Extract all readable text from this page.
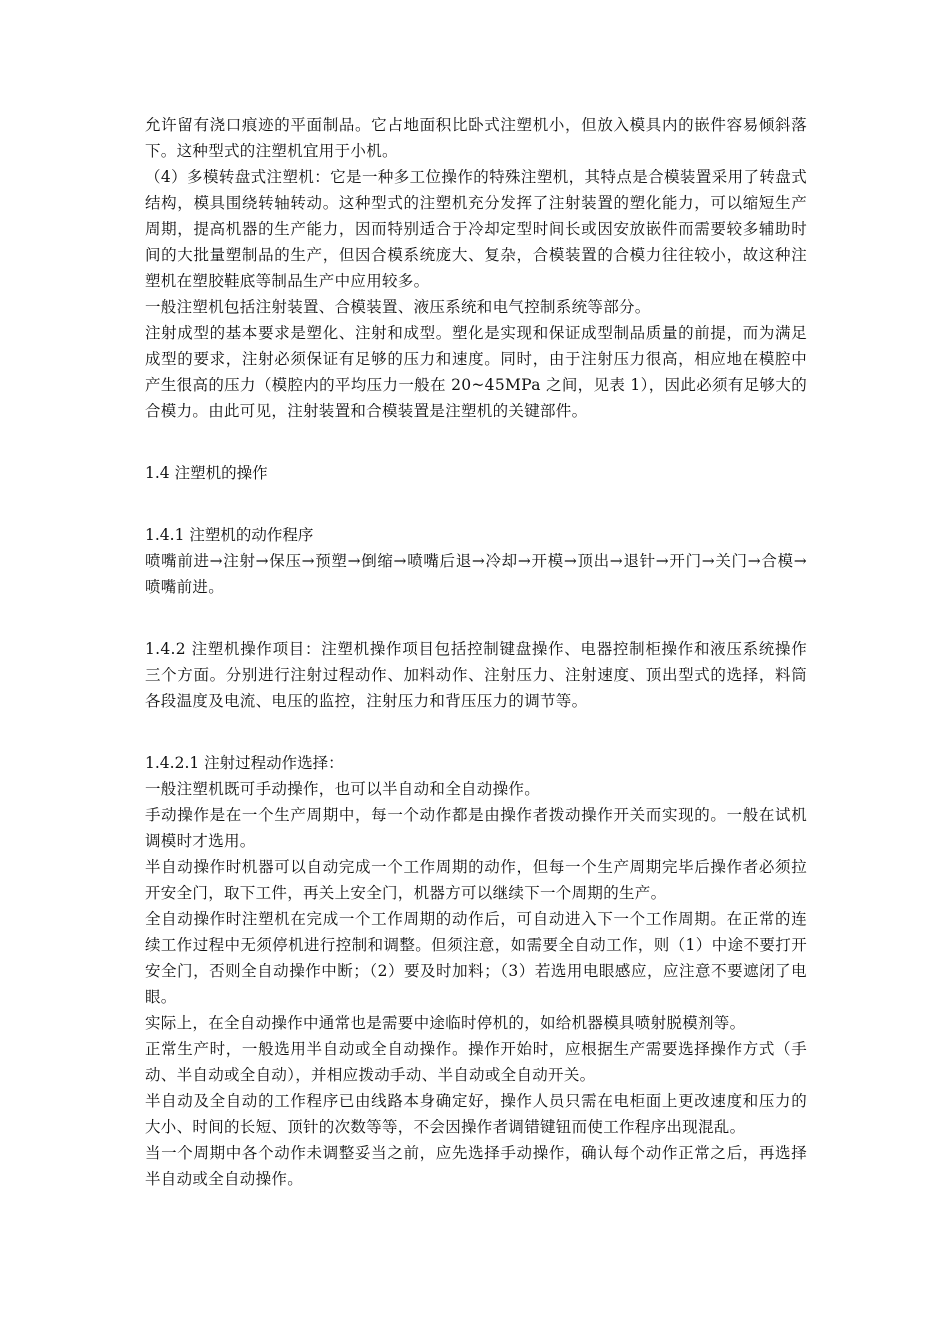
允许留有浇口痕迹的平面制品。它占地面积比卧式注塑机小，但放入模具内的嵌件容易倾斜落下。这种型式的注塑机宜用于小机。

（4）多模转盘式注塑机：它是一种多工位操作的特殊注塑机，其特点是合模装置采用了转盘式结构，模具围绕转轴转动。这种型式的注塑机充分发挥了注射装置的塑化能力，可以缩短生产周期，提高机器的生产能力，因而特别适合于冷却定型时间长或因安放嵌件而需要较多辅助时间的大批量塑制品的生产，但因合模系统庞大、复杂，合模装置的合模力往往较小，故这种注塑机在塑胶鞋底等制品生产中应用较多。

一般注塑机包括注射装置、合模装置、液压系统和电气控制系统等部分。

注射成型的基本要求是塑化、注射和成型。塑化是实现和保证成型制品质量的前提，而为满足成型的要求，注射必须保证有足够的压力和速度。同时，由于注射压力很高，相应地在模腔中产生很高的压力（模腔内的平均压力一般在 20~45MPa 之间，见表 1），因此必须有足够大的合模力。由此可见，注射装置和合模装置是注塑机的关键部件。

1.4 注塑机的操作

1.4.1 注塑机的动作程序

喷嘴前进→注射→保压→预塑→倒缩→喷嘴后退→冷却→开模→顶出→退针→开门→关门→合模→喷嘴前进。

1.4.2 注塑机操作项目：注塑机操作项目包括控制键盘操作、电器控制柜操作和液压系统操作三个方面。分别进行注射过程动作、加料动作、注射压力、注射速度、顶出型式的选择，料筒各段温度及电流、电压的监控，注射压力和背压压力的调节等。

1.4.2.1 注射过程动作选择：

一般注塑机既可手动操作，也可以半自动和全自动操作。

手动操作是在一个生产周期中，每一个动作都是由操作者拨动操作开关而实现的。一般在试机调模时才选用。

半自动操作时机器可以自动完成一个工作周期的动作，但每一个生产周期完毕后操作者必须拉开安全门，取下工件，再关上安全门，机器方可以继续下一个周期的生产。

全自动操作时注塑机在完成一个工作周期的动作后，可自动进入下一个工作周期。在正常的连续工作过程中无须停机进行控制和调整。但须注意，如需要全自动工作，则（1）中途不要打开安全门，否则全自动操作中断；（2）要及时加料；（3）若选用电眼感应，应注意不要遮闭了电眼。

实际上，在全自动操作中通常也是需要中途临时停机的，如给机器模具喷射脱模剂等。

正常生产时，一般选用半自动或全自动操作。操作开始时，应根据生产需要选择操作方式（手动、半自动或全自动），并相应拨动手动、半自动或全自动开关。

半自动及全自动的工作程序已由线路本身确定好，操作人员只需在电柜面上更改速度和压力的大小、时间的长短、顶针的次数等等，不会因操作者调错键钮而使工作程序出现混乱。

当一个周期中各个动作未调整妥当之前，应先选择手动操作，确认每个动作正常之后，再选择半自动或全自动操作。
